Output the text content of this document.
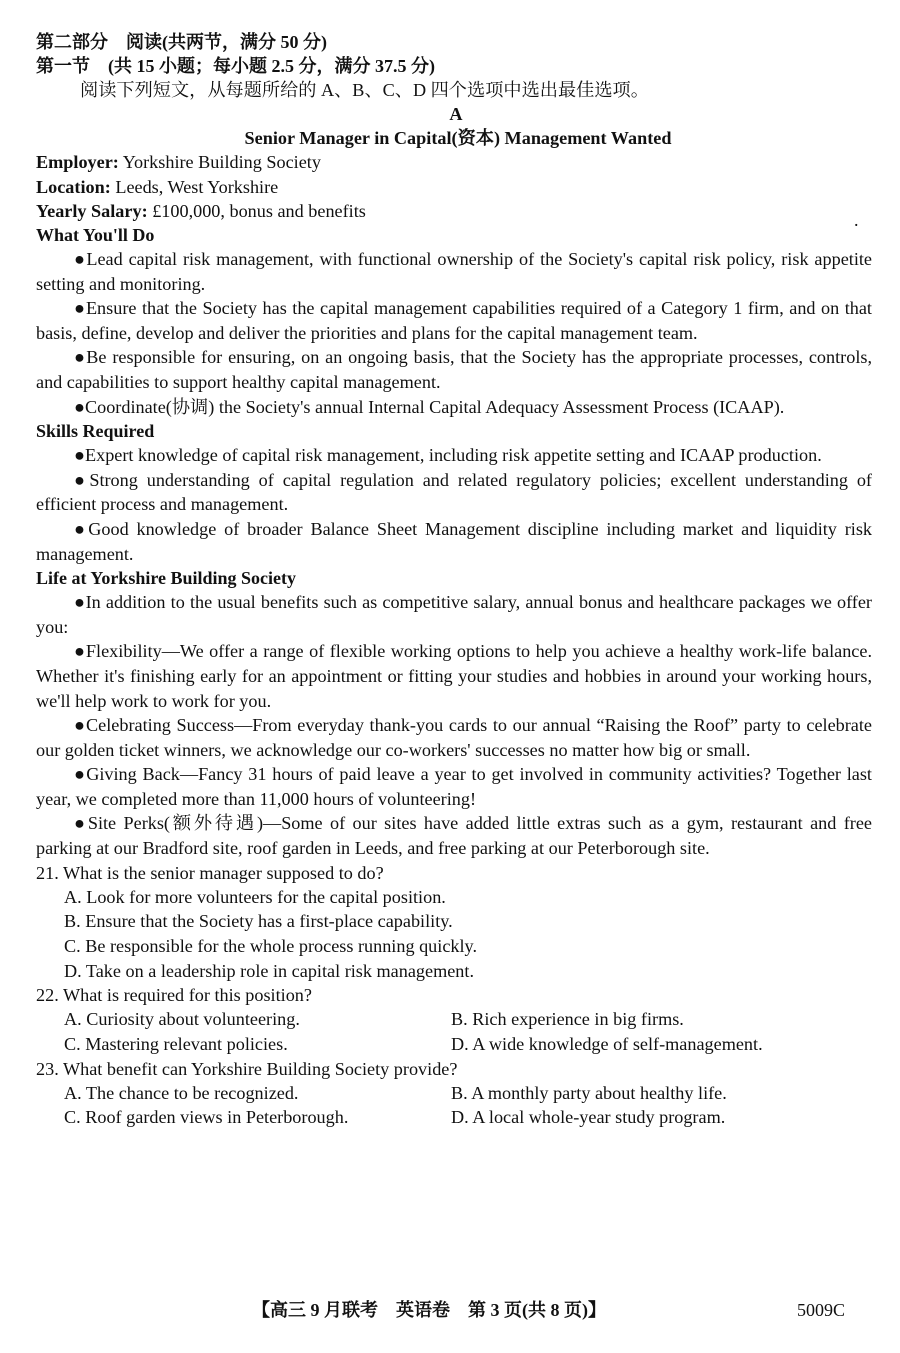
第二部分　阅读(共两节，满分 50 分)
第一节　(共 15 小题；每小题 2.5 分，满分 37.5 分)
阅读下列短文，从每题所给的 A、B、C、D 四个选项中选出最佳选项。
A
Senior Manager in Capital(资本) Management Wanted
Employer: Yorkshire Building Society
Location: Leeds, West Yorkshire
Yearly Salary: £100,000, bonus and benefits
What You'll Do
●Lead capital risk management, with functional ownership of the Society's capital risk policy, risk appetite setting and monitoring.
●Ensure that the Society has the capital management capabilities required of a Category 1 firm, and on that basis, define, develop and deliver the priorities and plans for the capital management team.
●Be responsible for ensuring, on an ongoing basis, that the Society has the appropriate processes, controls, and capabilities to support healthy capital management.
●Coordinate(协调) the Society's annual Internal Capital Adequacy Assessment Process (ICAAP).
Skills Required
●Expert knowledge of capital risk management, including risk appetite setting and ICAAP production.
●Strong understanding of capital regulation and related regulatory policies; excellent understanding of efficient process and management.
●Good knowledge of broader Balance Sheet Management discipline including market and liquidity risk management.
Life at Yorkshire Building Society
●In addition to the usual benefits such as competitive salary, annual bonus and healthcare packages we offer you:
●Flexibility—We offer a range of flexible working options to help you achieve a healthy work-life balance. Whether it's finishing early for an appointment or fitting your studies and hobbies in around your working hours, we'll help work to work for you.
●Celebrating Success—From everyday thank-you cards to our annual “Raising the Roof” party to celebrate our golden ticket winners, we acknowledge our co-workers' successes no matter how big or small.
●Giving Back—Fancy 31 hours of paid leave a year to get involved in community activities? Together last year, we completed more than 11,000 hours of volunteering!
●Site Perks(额外待遇)—Some of our sites have added little extras such as a gym, restaurant and free parking at our Bradford site, roof garden in Leeds, and free parking at our Peterborough site.
21. What is the senior manager supposed to do?
A. Look for more volunteers for the capital position.
B. Ensure that the Society has a first-place capability.
C. Be responsible for the whole process running quickly.
D. Take on a leadership role in capital risk management.
22. What is required for this position?
A. Curiosity about volunteering.	B. Rich experience in big firms.
C. Mastering relevant policies.	D. A wide knowledge of self-management.
23. What benefit can Yorkshire Building Society provide?
A. The chance to be recognized.	B. A monthly party about healthy life.
C. Roof garden views in Peterborough.	D. A local whole-year study program.
.
【高三 9 月联考　英语卷　第 3 页(共 8 页)】	5009C
